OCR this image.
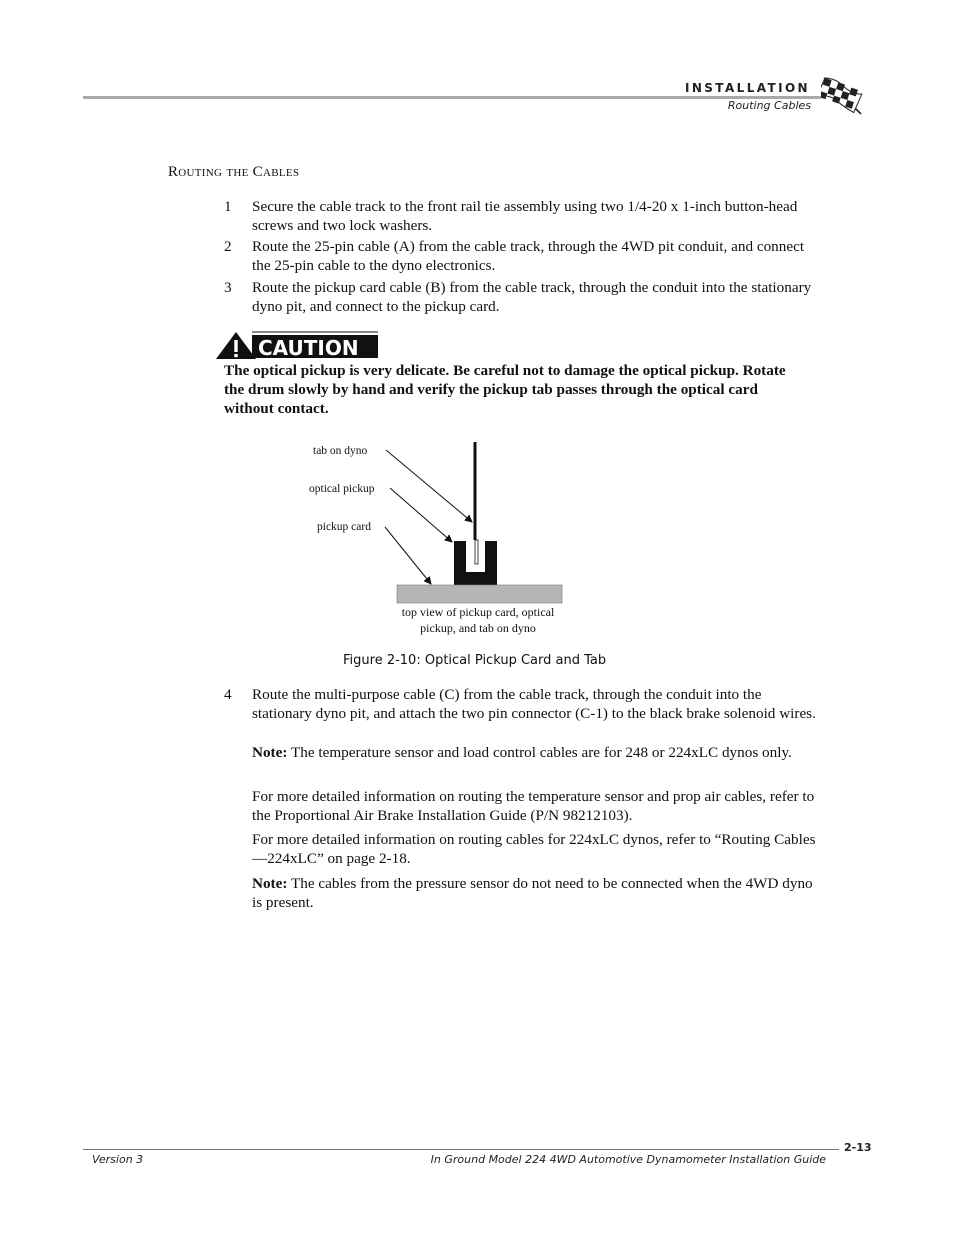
INSTALLATION
Routing Cables
Routing the Cables
1 Secure the cable track to the front rail tie assembly using two 1/4-20 x 1-inch button-head screws and two lock washers.
2 Route the 25-pin cable (A) from the cable track, through the 4WD pit conduit, and connect the 25-pin cable to the dyno electronics.
3 Route the pickup card cable (B) from the cable track, through the conduit into the stationary dyno pit, and connect to the pickup card.
CAUTION
The optical pickup is very delicate. Be careful not to damage the optical pickup. Rotate the drum slowly by hand and verify the pickup tab passes through the optical card without contact.
tab on dyno
optical pickup
pickup card
top view of pickup card, optical
pickup, and tab on dyno
Figure 2-10: Optical Pickup Card and Tab
4 Route the multi-purpose cable (C) from the cable track, through the conduit into the stationary dyno pit, and attach the two pin connector (C-1) to the black brake solenoid wires.
Note: The temperature sensor and load control cables are for 248 or 224xLC dynos only.
For more detailed information on routing the temperature sensor and prop air cables, refer to the Proportional Air Brake Installation Guide (P/N 98212103).
For more detailed information on routing cables for 224xLC dynos, refer to “Routing Cables—224xLC” on page 2-18.
Note: The cables from the pressure sensor do not need to be connected when the 4WD dyno is present.
2-13
Version 3	In Ground Model 224 4WD Automotive Dynamometer Installation Guide
